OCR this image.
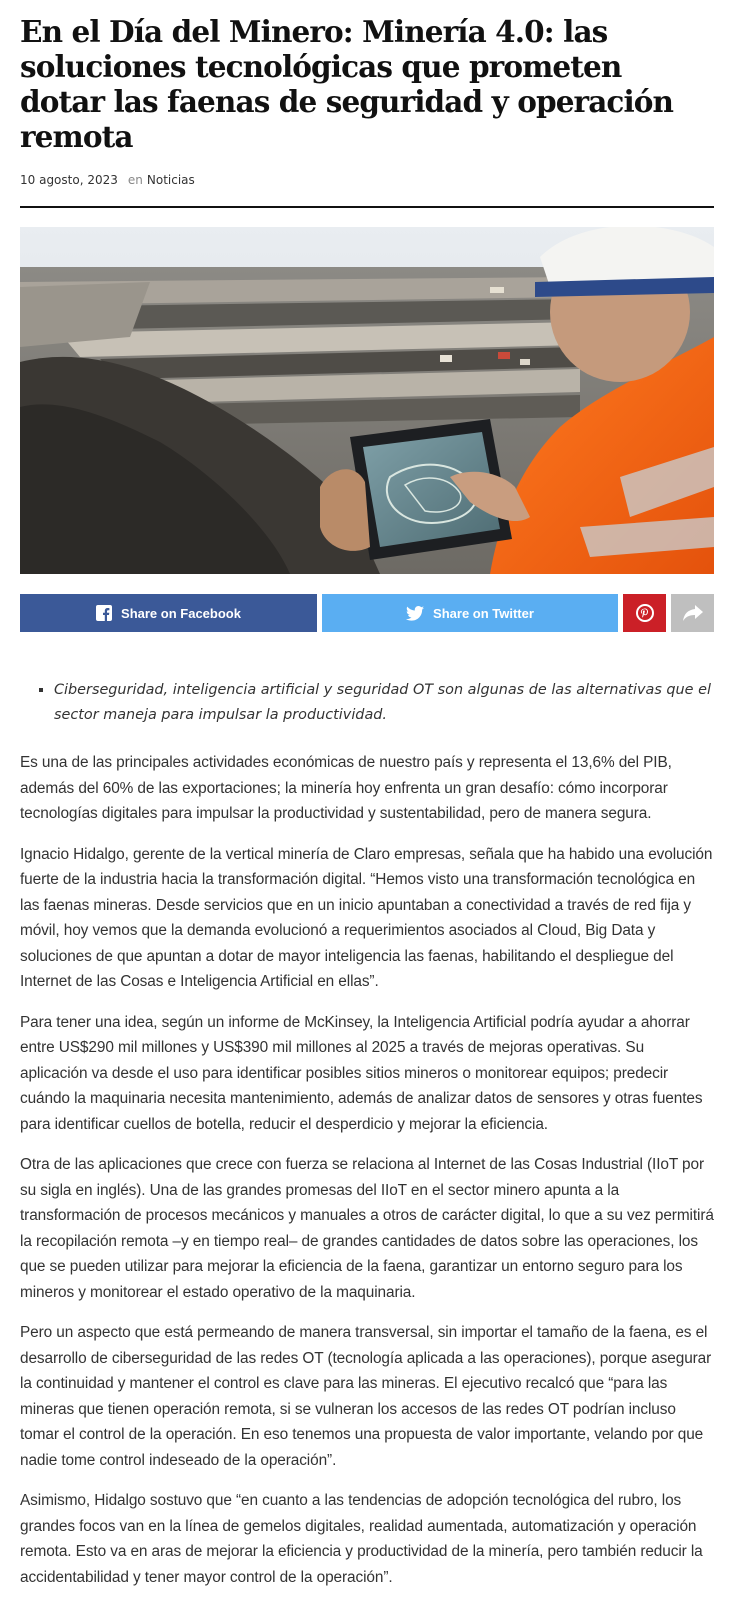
En el Día del Minero: Minería 4.0: las soluciones tecnológicas que prometen dotar las faenas de seguridad y operación remota
10 agosto, 2023 en Noticias
Share on Facebook	Share on Twitter
▪ Ciberseguridad, inteligencia artificial y seguridad OT son algunas de las alternativas que el sector maneja para impulsar la productividad.

Es una de las principales actividades económicas de nuestro país y representa el 13,6% del PIB, además del 60% de las exportaciones; la minería hoy enfrenta un gran desafío: cómo incorporar tecnologías digitales para impulsar la productividad y sustentabilidad, pero de manera segura.

Ignacio Hidalgo, gerente de la vertical minería de Claro empresas, señala que ha habido una evolución fuerte de la industria hacia la transformación digital. “Hemos visto una transformación tecnológica en las faenas mineras. Desde servicios que en un inicio apuntaban a conectividad a través de red fija y móvil, hoy vemos que la demanda evolucionó a requerimientos asociados al Cloud, Big Data y soluciones de que apuntan a dotar de mayor inteligencia las faenas, habilitando el despliegue del Internet de las Cosas e Inteligencia Artificial en ellas”.

Para tener una idea, según un informe de McKinsey, la Inteligencia Artificial podría ayudar a ahorrar entre US$290 mil millones y US$390 mil millones al 2025 a través de mejoras operativas. Su aplicación va desde el uso para identificar posibles sitios mineros o monitorear equipos; predecir cuándo la maquinaria necesita mantenimiento, además de analizar datos de sensores y otras fuentes para identificar cuellos de botella, reducir el desperdicio y mejorar la eficiencia.

Otra de las aplicaciones que crece con fuerza se relaciona al Internet de las Cosas Industrial (IIoT por su sigla en inglés). Una de las grandes promesas del IIoT en el sector minero apunta a la transformación de procesos mecánicos y manuales a otros de carácter digital, lo que a su vez permitirá la recopilación remota –y en tiempo real– de grandes cantidades de datos sobre las operaciones, los que se pueden utilizar para mejorar la eficiencia de la faena, garantizar un entorno seguro para los mineros y monitorear el estado operativo de la maquinaria.

Pero un aspecto que está permeando de manera transversal, sin importar el tamaño de la faena, es el desarrollo de ciberseguridad de las redes OT (tecnología aplicada a las operaciones), porque asegurar la continuidad y mantener el control es clave para las mineras. El ejecutivo recalcó que “para las mineras que tienen operación remota, si se vulneran los accesos de las redes OT podrían incluso tomar el control de la operación. En eso tenemos una propuesta de valor importante, velando por que nadie tome control indeseado de la operación”.

Asimismo, Hidalgo sostuvo que “en cuanto a las tendencias de adopción tecnológica del rubro, los grandes focos van en la línea de gemelos digitales, realidad aumentada, automatización y operación remota. Esto va en aras de mejorar la eficiencia y productividad de la minería, pero también reducir la accidentabilidad y tener mayor control de la operación”.
